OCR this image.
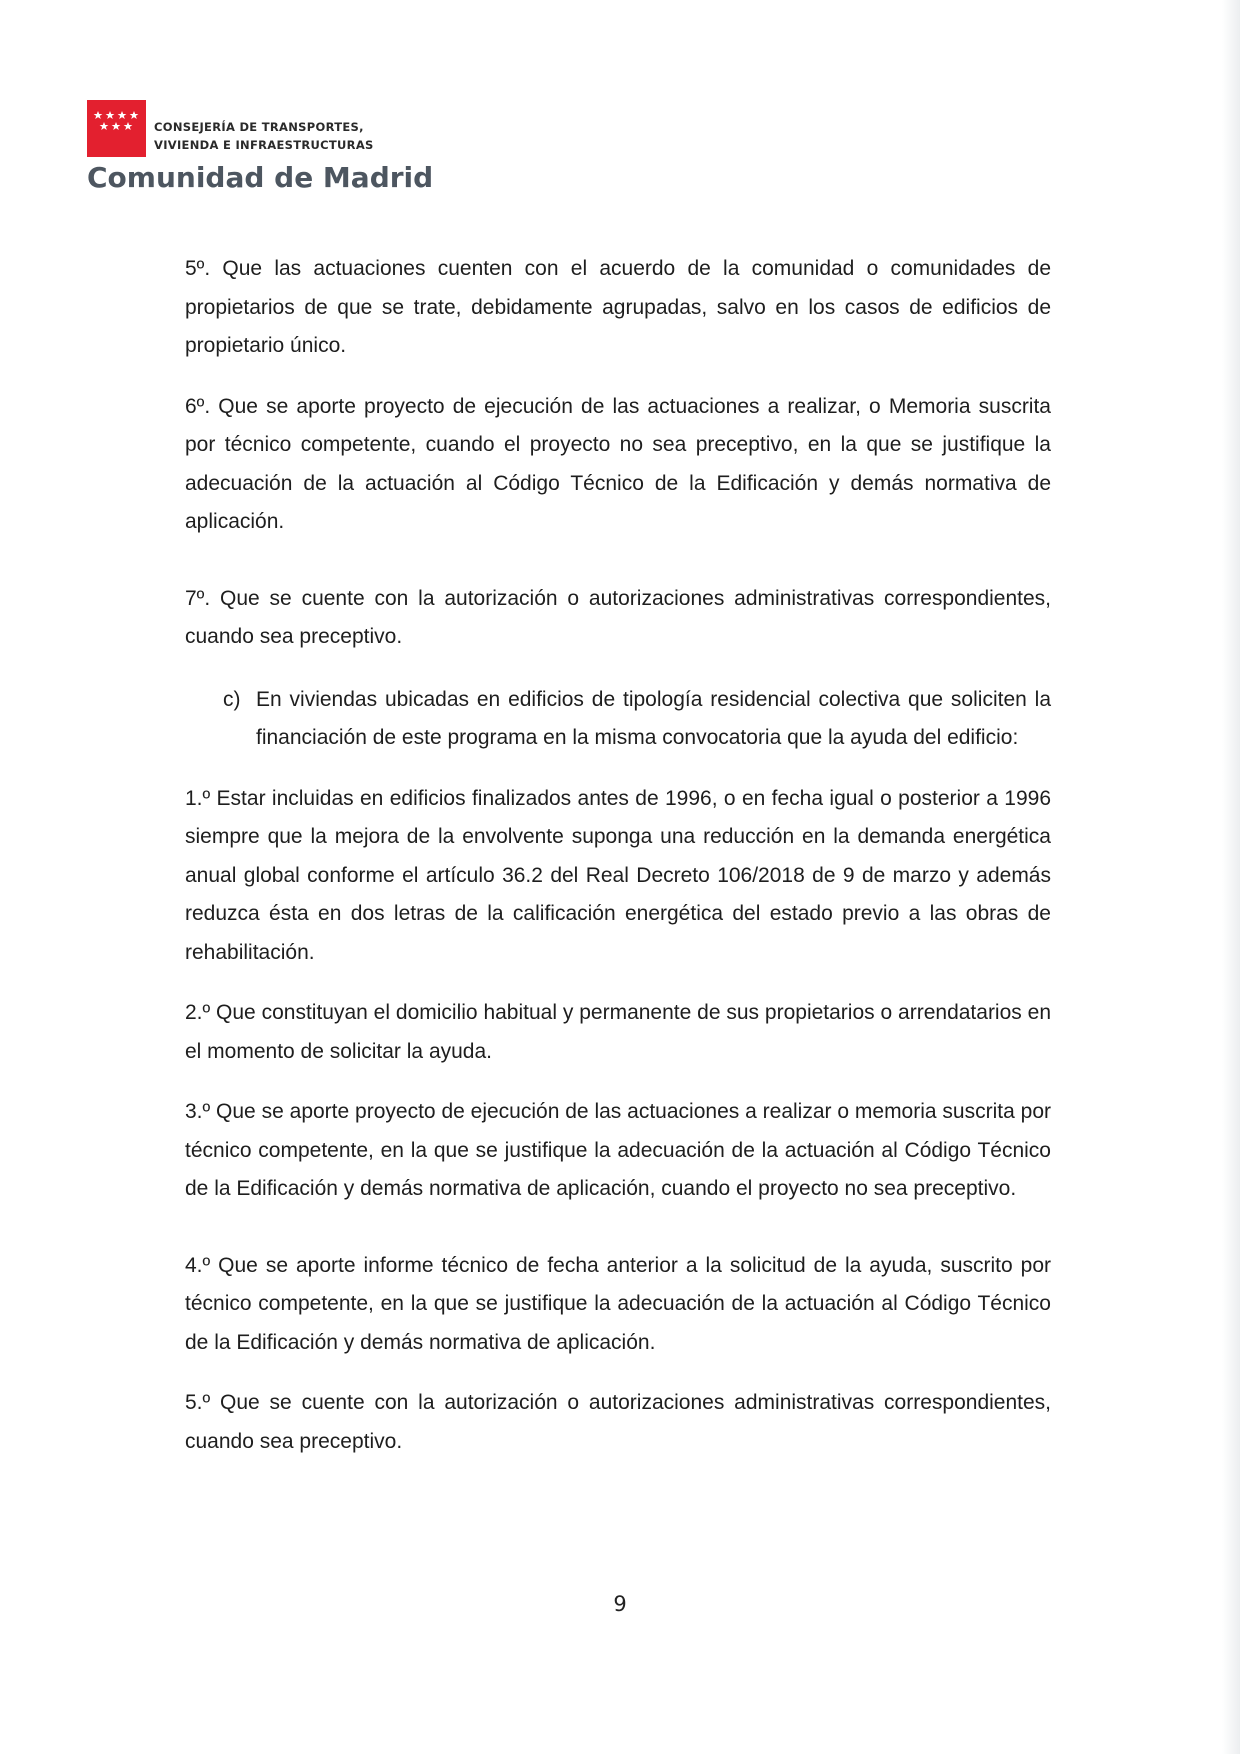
CONSEJERÍA DE TRANSPORTES,
VIVIENDA E INFRAESTRUCTURAS
Comunidad de Madrid

5º. Que las actuaciones cuenten con el acuerdo de la comunidad o comunidades de propietarios de que se trate, debidamente agrupadas, salvo en los casos de edificios de propietario único.

6º. Que se aporte proyecto de ejecución de las actuaciones a realizar, o Memoria suscrita por técnico competente, cuando el proyecto no sea preceptivo, en la que se justifique la adecuación de la actuación al Código Técnico de la Edificación y demás normativa de aplicación.

7º. Que se cuente con la autorización o autorizaciones administrativas correspondientes, cuando sea preceptivo.

c) En viviendas ubicadas en edificios de tipología residencial colectiva que soliciten la financiación de este programa en la misma convocatoria que la ayuda del edificio:

1.º Estar incluidas en edificios finalizados antes de 1996, o en fecha igual o posterior a 1996 siempre que la mejora de la envolvente suponga una reducción en la demanda energética anual global conforme el artículo 36.2 del Real Decreto 106/2018 de 9 de marzo y además reduzca ésta en dos letras de la calificación energética del estado previo a las obras de rehabilitación.

2.º Que constituyan el domicilio habitual y permanente de sus propietarios o arrendatarios en el momento de solicitar la ayuda.

3.º Que se aporte proyecto de ejecución de las actuaciones a realizar o memoria suscrita por técnico competente, en la que se justifique la adecuación de la actuación al Código Técnico de la Edificación y demás normativa de aplicación, cuando el proyecto no sea preceptivo.

4.º Que se aporte informe técnico de fecha anterior a la solicitud de la ayuda, suscrito por técnico competente, en la que se justifique la adecuación de la actuación al Código Técnico de la Edificación y demás normativa de aplicación.

5.º Que se cuente con la autorización o autorizaciones administrativas correspondientes, cuando sea preceptivo.

9
